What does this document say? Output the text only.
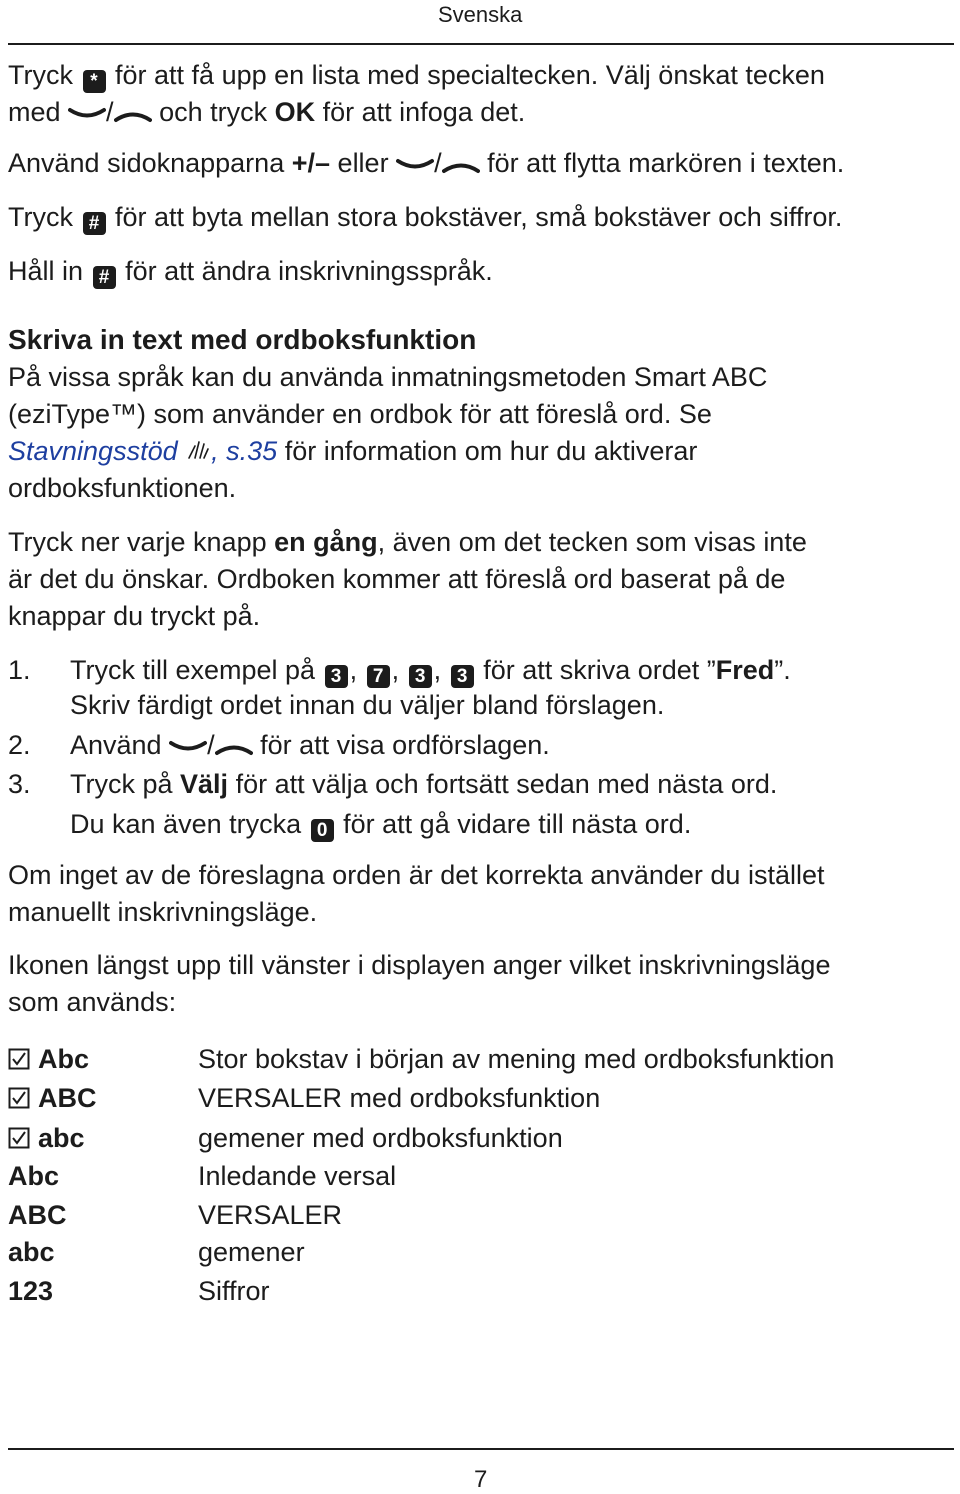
Svenska
Tryck * för att få upp en lista med specialtecken. Välj önskat tecken
med / och tryck OK för att infoga det.
Använd sidoknapparna +/– eller / för att flytta markören i texten.
Tryck # för att byta mellan stora bokstäver, små bokstäver och siffror.
Håll in # för att ändra inskrivningsspråk.
Skriva in text med ordboksfunktion
På vissa språk kan du använda inmatningsmetoden Smart ABC
(eziType™) som använder en ordbok för att föreslå ord. Se
Stavningsstöd , s.35 för information om hur du aktiverar
ordboksfunktionen.
Tryck ner varje knapp en gång, även om det tecken som visas inte
är det du önskar. Ordboken kommer att föreslå ord baserat på de
knappar du tryckt på.
1. Tryck till exempel på 3 , 7 , 3 , 3 för att skriva ordet ”Fred”.
Skriv färdigt ordet innan du väljer bland förslagen.
2. Använd / för att visa ordförslagen.
3. Tryck på Välj för att välja och fortsätt sedan med nästa ord.
Du kan även trycka 0 för att gå vidare till nästa ord.
Om inget av de föreslagna orden är det korrekta använder du istället
manuellt inskrivningsläge.
Ikonen längst upp till vänster i displayen anger vilket inskrivningsläge
som används:
Abc	Stor bokstav i början av mening med ordboksfunktion
ABC	VERSALER med ordboksfunktion
abc	gemener med ordboksfunktion
Abc	Inledande versal
ABC	VERSALER
abc	gemener
123	Siffror
7
